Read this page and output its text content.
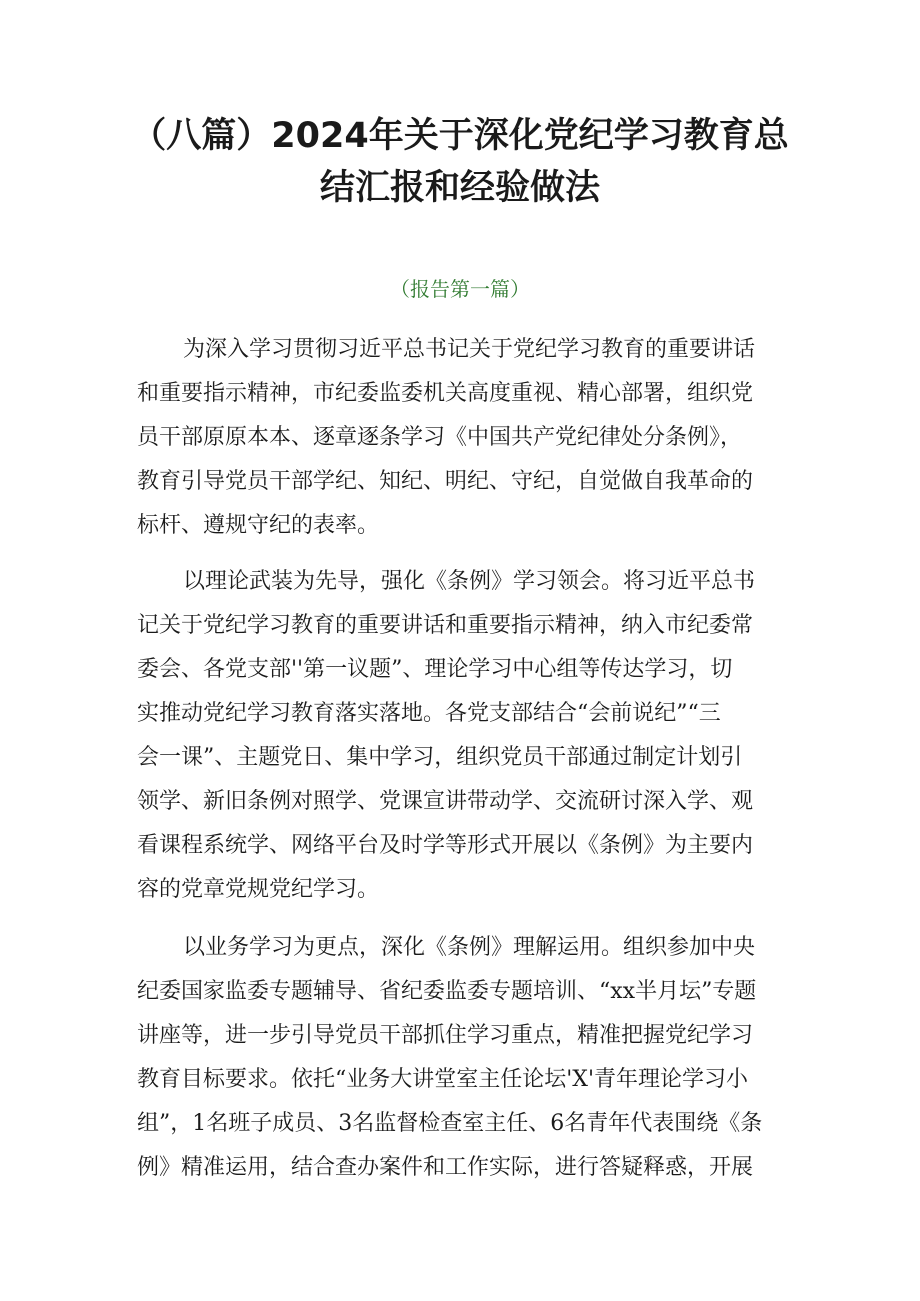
（八篇）2024年关于深化党纪学习教育总
结汇报和经验做法
（报告第一篇）
为深入学习贯彻习近平总书记关于党纪学习教育的重要讲话
和重要指示精神，市纪委监委机关高度重视、精心部署，组织党
员干部原原本本、逐章逐条学习《中国共产党纪律处分条例》，
教育引导党员干部学纪、知纪、明纪、守纪，自觉做自我革命的
标杆、遵规守纪的表率。
以理论武装为先导，强化《条例》学习领会。将习近平总书
记关于党纪学习教育的重要讲话和重要指示精神，纳入市纪委常
委会、各党支部''第一议题”、理论学习中心组等传达学习，切
实推动党纪学习教育落实落地。各党支部结合“会前说纪”“三
会一课”、主题党日、集中学习，组织党员干部通过制定计划引
领学、新旧条例对照学、党课宣讲带动学、交流研讨深入学、观
看课程系统学、网络平台及时学等形式开展以《条例》为主要内
容的党章党规党纪学习。
以业务学习为更点，深化《条例》理解运用。组织参加中央
纪委国家监委专题辅导、省纪委监委专题培训、“xx半月坛”专题
讲座等，进一步引导党员干部抓住学习重点，精准把握党纪学习
教育目标要求。依托“业务大讲堂室主任论坛'X'青年理论学习小
组”，1名班子成员、3名监督检查室主任、6名青年代表围绕《条
例》精准运用，结合查办案件和工作实际，进行答疑释惑，开展
